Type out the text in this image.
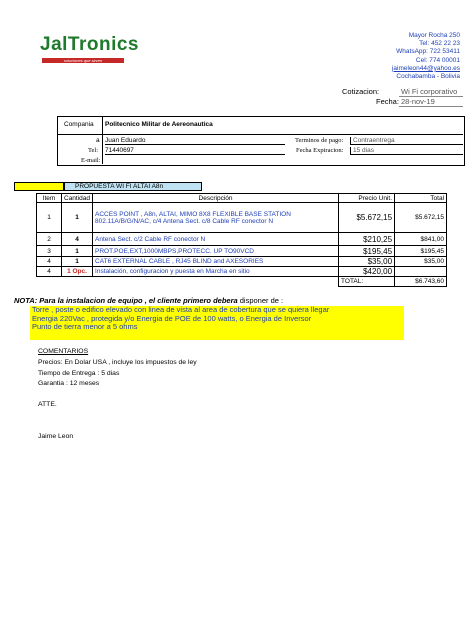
JalTronics
soluciones que sirven
Mayor Rocha 250
Tel: 452 22 23
WhatsApp: 722 53411
Cel: 774 00001
jaimeleon44@yahoo.es
Cochabamba - Bolivia
Cotizacion:	Wi Fi corporativo
Fecha: 28-nov-19
Compania Politecnico Militar de Aereonautica
a Juan Eduardo	Terminos de pago:	Contraentrega
Tel: 71440697	Fecha Expiracion:	15 dias
E-mail:
PROPUESTA WI FI ALTAI A8n
Item	Cantidad	Descripción	Precio Unit.	Total
1	1	ACCES POINT , A8n, ALTAI, MIMO 8X8 FLEXIBLE BASE STATION
802.11A/B/G/N/AC, c/4 Antena Sect. c/8 Cable RF conector N	$5.672,15	$5.672,15
2	4	Antena Sect. c/2 Cable RF conector N	$210,25	$841,00
3	1	PROT.POE,EXT,1000MBPS,PROTECC. UP TO90VCD	$195,45	$195,45
4	1	CAT6 EXTERNAL CABLE , RJ45 BLIND and AXESORIES	$35,00	$35,00
4	1 Opc.	Instalación, configuracion y puesta en Marcha en sitio	$420,00	
			TOTAL:	$6.743,60
NOTA: Para la instalacion de equipo , el cliente primero debera disponer de :
Torre , poste o edifico elevado con linea de vista al area de cobertura que se quiera llegar
Energia 220Vac , protegida y/o Energia de POE de 100 watts, o Energia de Inversor
Punto de tierra menor a 5 ohms
COMENTARIOS
Precios: En Dolar USA , incluye los impuestos de ley
Tiempo de Entrega : 5 dias
Garantia : 12 meses
ATTE.
Jaime Leon
